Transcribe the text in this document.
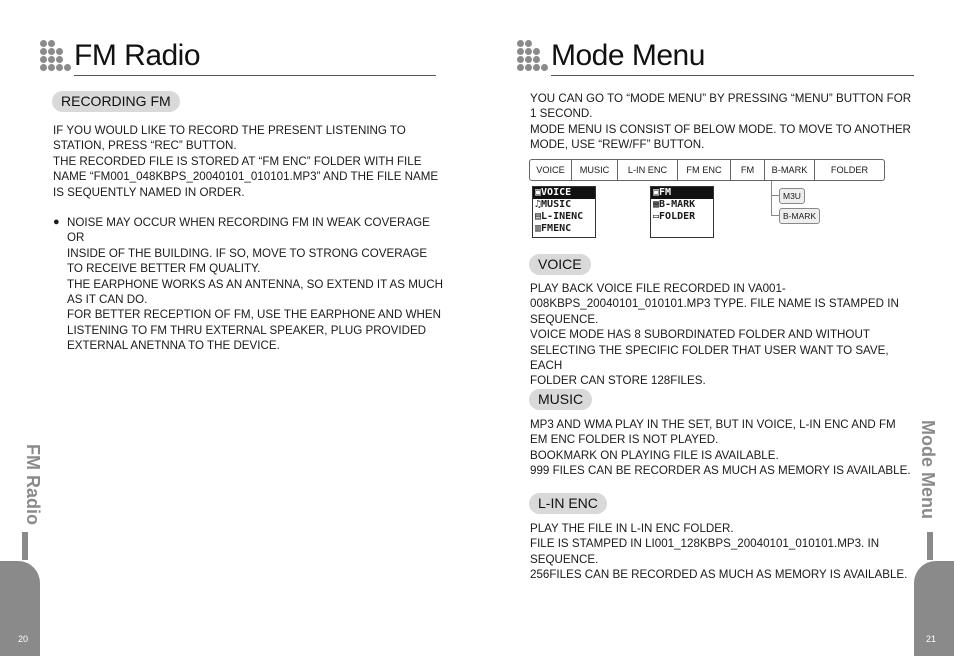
FM Radio
RECORDING FM

IF YOU WOULD LIKE TO RECORD THE PRESENT LISTENING TO

STATION, PRESS “REC” BUTTON.

THE RECORDED FILE IS STORED AT “FM ENC” FOLDER WITH FILE

NAME “FM001_048KBPS_20040101_010101.MP3” AND THE FILE NAME

IS SEQUENTLY NAMED IN ORDER.

● NOISE MAY OCCUR WHEN RECORDING FM IN WEAK COVERAGE OR
INSIDE OF THE BUILDING. IF SO, MOVE TO STRONG COVERAGE
TO RECEIVE BETTER FM QUALITY.
THE EARPHONE WORKS AS AN ANTENNA, SO EXTEND IT AS MUCH
AS IT CAN DO.
FOR BETTER RECEPTION OF FM, USE THE EARPHONE AND WHEN
LISTENING TO FM THRU EXTERNAL SPEAKER, PLUG PROVIDED
EXTERNAL ANETNNA TO THE DEVICE.
FM Radio
20
Mode Menu

YOU CAN GO TO “MODE MENU” BY PRESSING “MENU” BUTTON FOR

1 SECOND.

MODE MENU IS CONSIST OF BELOW MODE. TO MOVE TO ANOTHER

MODE, USE “REW/FF” BUTTON.

VOICE	MUSIC	L-IN ENC	FM ENC	FM	B-MARK	FOLDER
▣VOICE
♫MUSIC
▤L-INENC
▥FMENC
▣FM
▦B-MARK
▭FOLDER
M3U
B-MARK
VOICE

PLAY BACK VOICE FILE RECORDED IN VA001-

008KBPS_20040101_010101.MP3 TYPE. FILE NAME IS STAMPED IN

SEQUENCE.

VOICE MODE HAS 8 SUBORDINATED FOLDER AND WITHOUT

SELECTING THE SPECIFIC FOLDER THAT USER WANT TO SAVE, EACH

FOLDER CAN STORE 128FILES.

MUSIC

MP3 AND WMA PLAY IN THE SET, BUT IN VOICE, L-IN ENC AND FM

EM ENC FOLDER IS NOT PLAYED.

BOOKMARK ON PLAYING FILE IS AVAILABLE.

999 FILES CAN BE RECORDER AS MUCH AS MEMORY IS AVAILABLE.

L-IN ENC

PLAY THE FILE IN L-IN ENC FOLDER.

FILE IS STAMPED IN LI001_128KBPS_20040101_010101.MP3. IN

SEQUENCE.

256FILES CAN BE RECORDED AS MUCH AS MEMORY IS AVAILABLE.

Mode Menu
21
